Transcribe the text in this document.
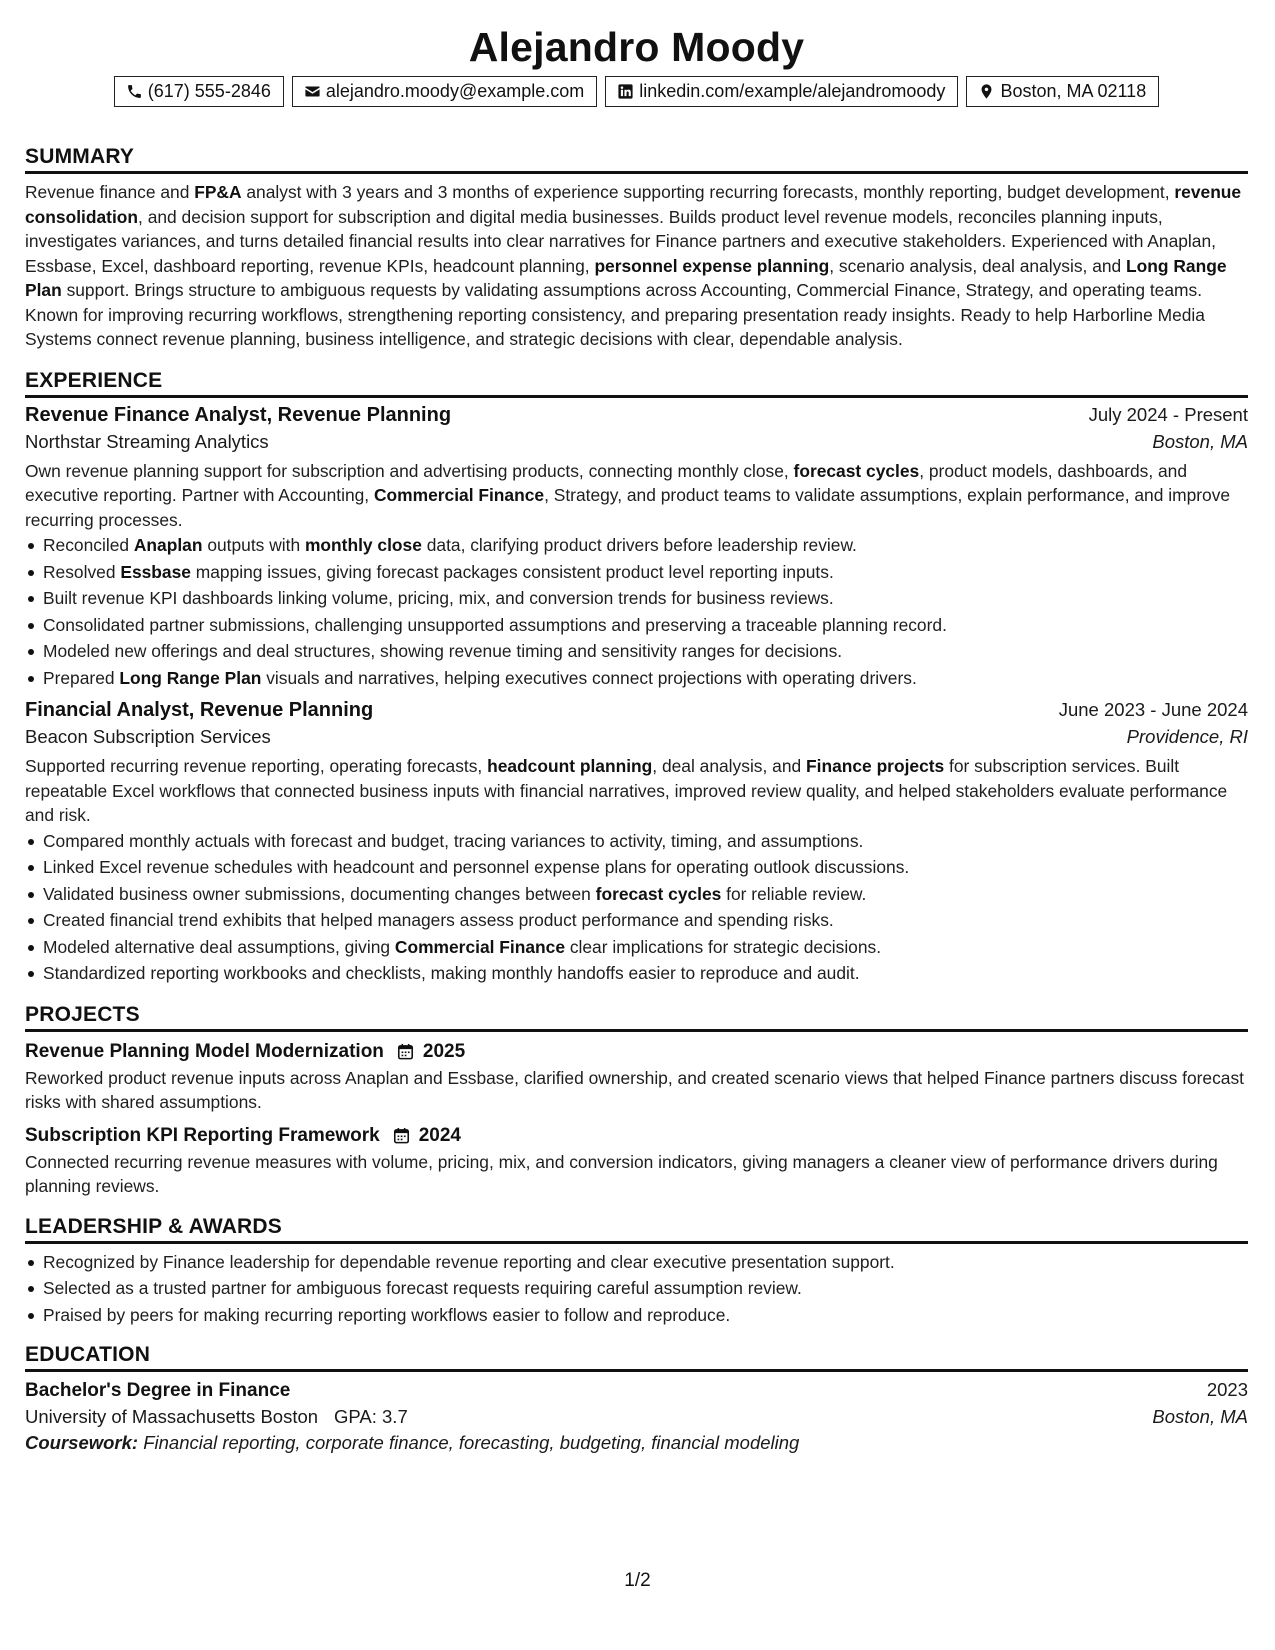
Alejandro Moody
(617) 555-2846	alejandro.moody@example.com	linkedin.com/example/alejandromoody	Boston, MA 02118
SUMMARY
Revenue finance and FP&A analyst with 3 years and 3 months of experience supporting recurring forecasts, monthly reporting, budget development, revenue consolidation, and decision support for subscription and digital media businesses. Builds product level revenue models, reconciles planning inputs, investigates variances, and turns detailed financial results into clear narratives for Finance partners and executive stakeholders. Experienced with Anaplan, Essbase, Excel, dashboard reporting, revenue KPIs, headcount planning, personnel expense planning, scenario analysis, deal analysis, and Long Range Plan support. Brings structure to ambiguous requests by validating assumptions across Accounting, Commercial Finance, Strategy, and operating teams. Known for improving recurring workflows, strengthening reporting consistency, and preparing presentation ready insights. Ready to help Harborline Media Systems connect revenue planning, business intelligence, and strategic decisions with clear, dependable analysis.
EXPERIENCE
Revenue Finance Analyst, Revenue Planning	July 2024 - Present
Northstar Streaming Analytics	Boston, MA
Own revenue planning support for subscription and advertising products, connecting monthly close, forecast cycles, product models, dashboards, and executive reporting. Partner with Accounting, Commercial Finance, Strategy, and product teams to validate assumptions, explain performance, and improve recurring processes.
Reconciled Anaplan outputs with monthly close data, clarifying product drivers before leadership review.
Resolved Essbase mapping issues, giving forecast packages consistent product level reporting inputs.
Built revenue KPI dashboards linking volume, pricing, mix, and conversion trends for business reviews.
Consolidated partner submissions, challenging unsupported assumptions and preserving a traceable planning record.
Modeled new offerings and deal structures, showing revenue timing and sensitivity ranges for decisions.
Prepared Long Range Plan visuals and narratives, helping executives connect projections with operating drivers.
Financial Analyst, Revenue Planning	June 2023 - June 2024
Beacon Subscription Services	Providence, RI
Supported recurring revenue reporting, operating forecasts, headcount planning, deal analysis, and Finance projects for subscription services. Built repeatable Excel workflows that connected business inputs with financial narratives, improved review quality, and helped stakeholders evaluate performance and risk.
Compared monthly actuals with forecast and budget, tracing variances to activity, timing, and assumptions.
Linked Excel revenue schedules with headcount and personnel expense plans for operating outlook discussions.
Validated business owner submissions, documenting changes between forecast cycles for reliable review.
Created financial trend exhibits that helped managers assess product performance and spending risks.
Modeled alternative deal assumptions, giving Commercial Finance clear implications for strategic decisions.
Standardized reporting workbooks and checklists, making monthly handoffs easier to reproduce and audit.
PROJECTS
Revenue Planning Model Modernization 2025
Reworked product revenue inputs across Anaplan and Essbase, clarified ownership, and created scenario views that helped Finance partners discuss forecast risks with shared assumptions.
Subscription KPI Reporting Framework 2024
Connected recurring revenue measures with volume, pricing, mix, and conversion indicators, giving managers a cleaner view of performance drivers during planning reviews.
LEADERSHIP & AWARDS
Recognized by Finance leadership for dependable revenue reporting and clear executive presentation support.
Selected as a trusted partner for ambiguous forecast requests requiring careful assumption review.
Praised by peers for making recurring reporting workflows easier to follow and reproduce.
EDUCATION
Bachelor's Degree in Finance	2023
University of Massachusetts Boston GPA: 3.7	Boston, MA
Coursework: Financial reporting, corporate finance, forecasting, budgeting, financial modeling
1/2
